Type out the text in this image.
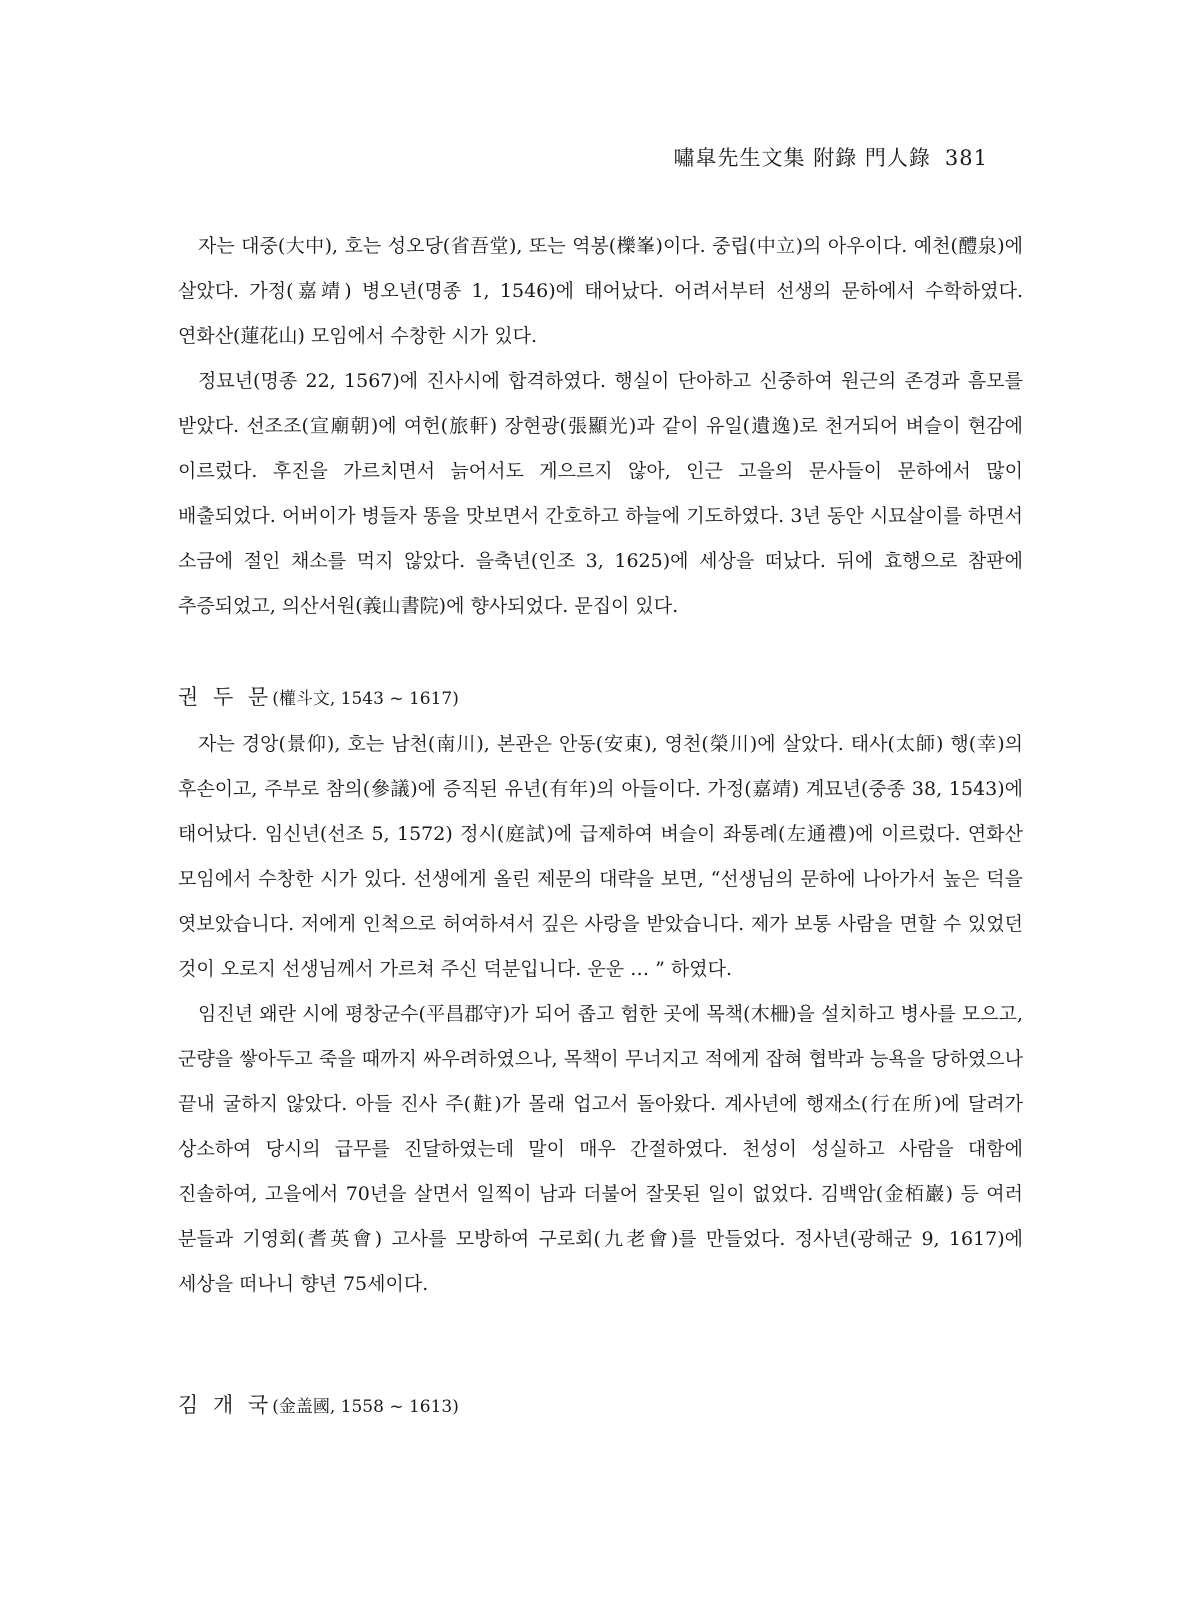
嘯皐先生文集 附錄 門人錄 381

자는 대중(大中), 호는 성오당(省吾堂), 또는 역봉(櫟峯)이다. 중립(中立)의 아우이다. 예천(醴泉)에 살았다. 가정(嘉靖) 병오년(명종 1, 1546)에 태어났다. 어려서부터 선생의 문하에서 수학하였다. 연화산(蓮花山) 모임에서 수창한 시가 있다.

정묘년(명종 22, 1567)에 진사시에 합격하였다. 행실이 단아하고 신중하여 원근의 존경과 흠모를 받았다. 선조조(宣廟朝)에 여헌(旅軒) 장현광(張顯光)과 같이 유일(遺逸)로 천거되어 벼슬이 현감에 이르렀다. 후진을 가르치면서 늙어서도 게으르지 않아, 인근 고을의 문사들이 문하에서 많이 배출되었다. 어버이가 병들자 똥을 맛보면서 간호하고 하늘에 기도하였다. 3년 동안 시묘살이를 하면서 소금에 절인 채소를 먹지 않았다. 을축년(인조 3, 1625)에 세상을 떠났다. 뒤에 효행으로 참판에 추증되었고, 의산서원(義山書院)에 향사되었다. 문집이 있다.

권 두 문(權斗文, 1543 ~ 1617)

자는 경앙(景仰), 호는 남천(南川), 본관은 안동(安東), 영천(榮川)에 살았다. 태사(太師) 행(幸)의 후손이고, 주부로 참의(參議)에 증직된 유년(有年)의 아들이다. 가정(嘉靖) 계묘년(중종 38, 1543)에 태어났다. 임신년(선조 5, 1572) 정시(庭試)에 급제하여 벼슬이 좌통례(左通禮)에 이르렀다. 연화산 모임에서 수창한 시가 있다. 선생에게 올린 제문의 대략을 보면, “선생님의 문하에 나아가서 높은 덕을 엿보았습니다. 저에게 인척으로 허여하셔서 깊은 사랑을 받았습니다. 제가 보통 사람을 면할 수 있었던 것이 오로지 선생님께서 가르쳐 주신 덕분입니다. 운운 … ” 하였다.

임진년 왜란 시에 평창군수(平昌郡守)가 되어 좁고 험한 곳에 목책(木柵)을 설치하고 병사를 모으고, 군량을 쌓아두고 죽을 때까지 싸우려하였으나, 목책이 무너지고 적에게 잡혀 협박과 능욕을 당하였으나 끝내 굴하지 않았다. 아들 진사 주(黈)가 몰래 업고서 돌아왔다. 계사년에 행재소(行在所)에 달려가 상소하여 당시의 급무를 진달하였는데 말이 매우 간절하였다. 천성이 성실하고 사람을 대함에 진솔하여, 고을에서 70년을 살면서 일찍이 남과 더불어 잘못된 일이 없었다. 김백암(金栢巖) 등 여러 분들과 기영회(耆英會) 고사를 모방하여 구로회(九老會)를 만들었다. 정사년(광해군 9, 1617)에 세상을 떠나니 향년 75세이다.

김 개 국(金盖國, 1558 ~ 1613)
